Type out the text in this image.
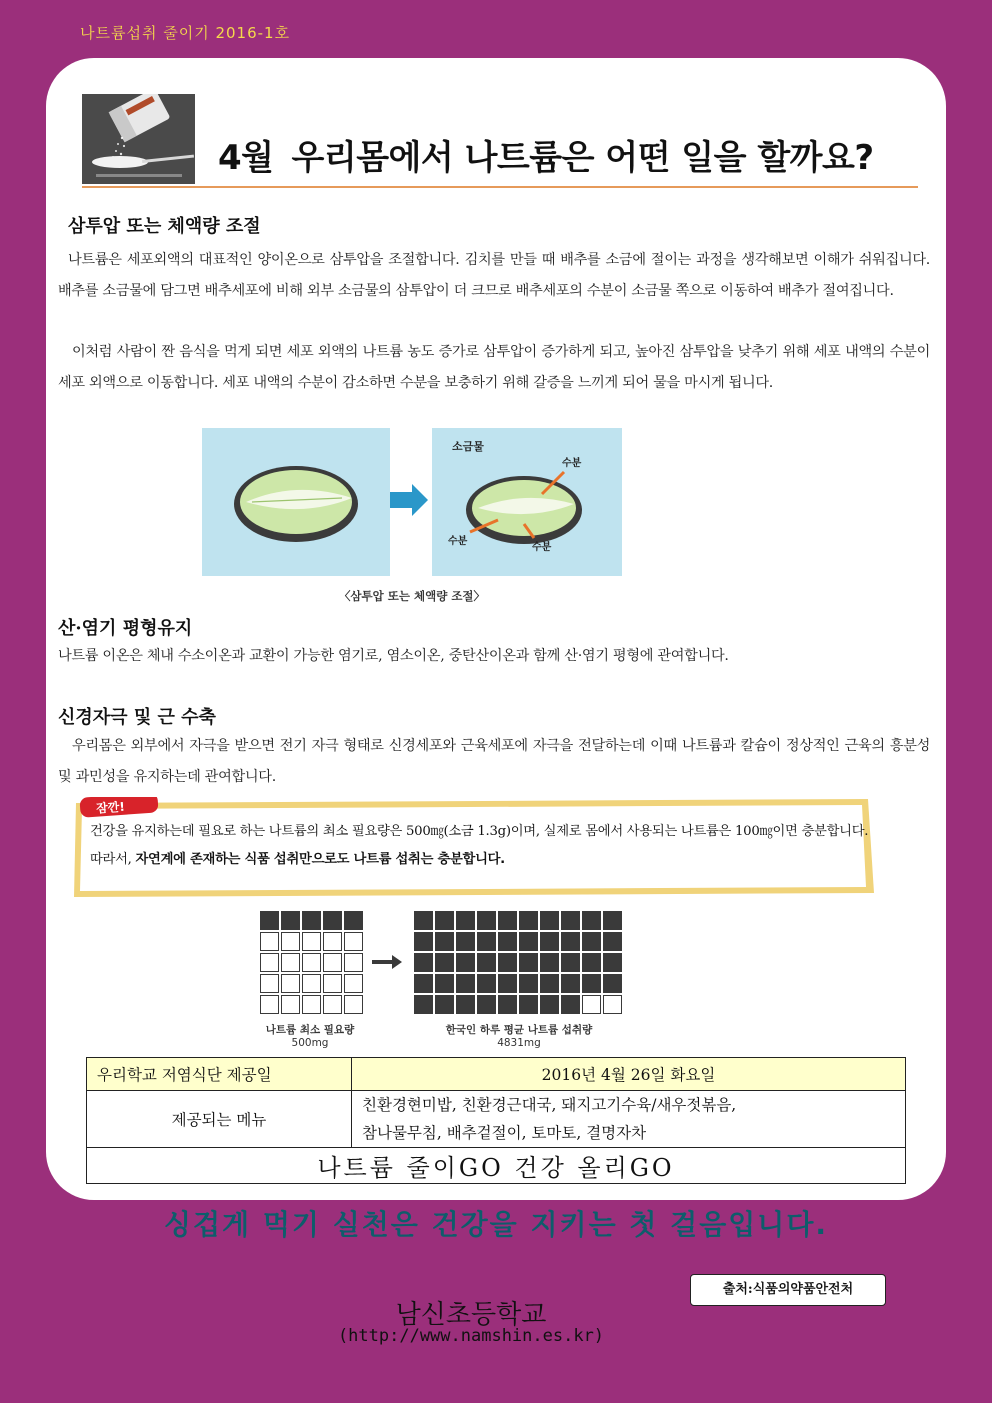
나트륨섭취 줄이기 2016-1호
4월 우리몸에서 나트륨은 어떤 일을 할까요?
삼투압 또는 체액량 조절
나트륨은 세포외액의 대표적인 양이온으로 삼투압을 조절합니다. 김치를 만들 때 배추를 소금에 절이는 과정을 생각해보면 이해가 쉬워집니다. 배추를 소금물에 담그면 배추세포에 비해 외부 소금물의 삼투압이 더 크므로 배추세포의 수분이 소금물 쪽으로 이동하여 배추가 절여집니다.
이처럼 사람이 짠 음식을 먹게 되면 세포 외액의 나트륨 농도 증가로 삼투압이 증가하게 되고, 높아진 삼투압을 낮추기 위해 세포 내액의 수분이 세포 외액으로 이동합니다. 세포 내액의 수분이 감소하면 수분을 보충하기 위해 갈증을 느끼게 되어 물을 마시게 됩니다.
소금물
수분
수분
수분
〈삼투압 또는 체액량 조절〉
산·염기 평형유지
나트륨 이온은 체내 수소이온과 교환이 가능한 염기로, 염소이온, 중탄산이온과 함께 산·염기 평형에 관여합니다.
신경자극 및 근 수축
우리몸은 외부에서 자극을 받으면 전기 자극 형태로 신경세포와 근육세포에 자극을 전달하는데 이때 나트륨과 칼슘이 정상적인 근육의 흥분성 및 과민성을 유지하는데 관여합니다.
잠깐!
건강을 유지하는데 필요로 하는 나트륨의 최소 필요량은 500㎎(소금 1.3g)이며, 실제로 몸에서 사용되는 나트륨은 100㎎이면 충분합니다. 따라서, 자연계에 존재하는 식품 섭취만으로도 나트륨 섭취는 충분합니다.
나트륨 최소 필요량
500mg
한국인 하루 평균 나트륨 섭취량
4831mg
우리학교 저염식단 제공일	2016년 4월 26일 화요일
제공되는 메뉴	친환경현미밥, 친환경근대국, 돼지고기수육/새우젓볶음,
참나물무침, 배추겉절이, 토마토, 결명자차

나트륨 줄이GO 건강 올리GO	
싱겁게 먹기 실천은 건강을 지키는 첫 걸음입니다.
출처:식품의약품안전처
남신초등학교
(http://www.namshin.es.kr)
